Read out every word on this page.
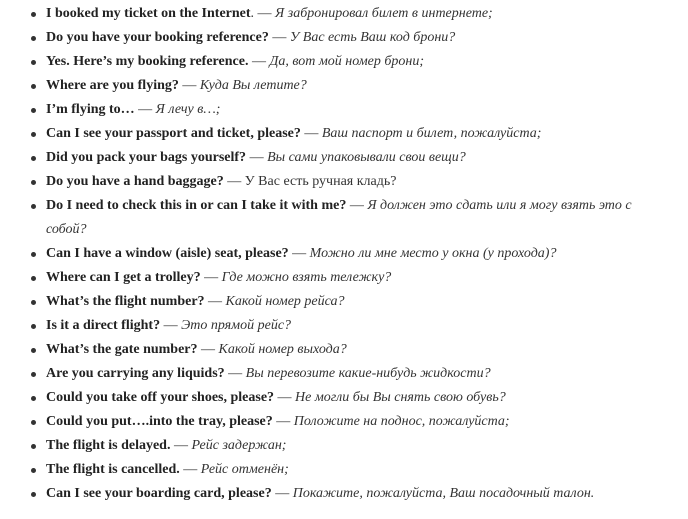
I booked my ticket on the Internet. — Я забронировал билет в интернете;
Do you have your booking reference? — У Вас есть Ваш код брони?
Yes. Here’s my booking reference. — Да, вот мой номер брони;
Where are you flying? — Куда Вы летите?
I’m flying to… — Я лечу в…;
Can I see your passport and ticket, please? — Ваш паспорт и билет, пожалуйста;
Did you pack your bags yourself? — Вы сами упаковывали свои вещи?
Do you have a hand baggage? — У Вас есть ручная кладь?
Do I need to check this in or can I take it with me? — Я должен это сдать или я могу взять это с собой?
Can I have a window (aisle) seat, please? — Можно ли мне место у окна (у прохода)?
Where can I get a trolley? — Где можно взять тележку?
What’s the flight number? — Какой номер рейса?
Is it a direct flight? — Это прямой рейс?
What’s the gate number? — Какой номер выхода?
Are you carrying any liquids? — Вы перевозите какие-нибудь жидкости?
Could you take off your shoes, please? — Не могли бы Вы снять свою обувь?
Could you put….into the tray, please? — Положите на поднос, пожалуйста;
The flight is delayed. — Рейс задержан;
The flight is cancelled. — Рейс отменён;
Can I see your boarding card, please? — Покажите, пожалуйста, Ваш посадочный талон.
